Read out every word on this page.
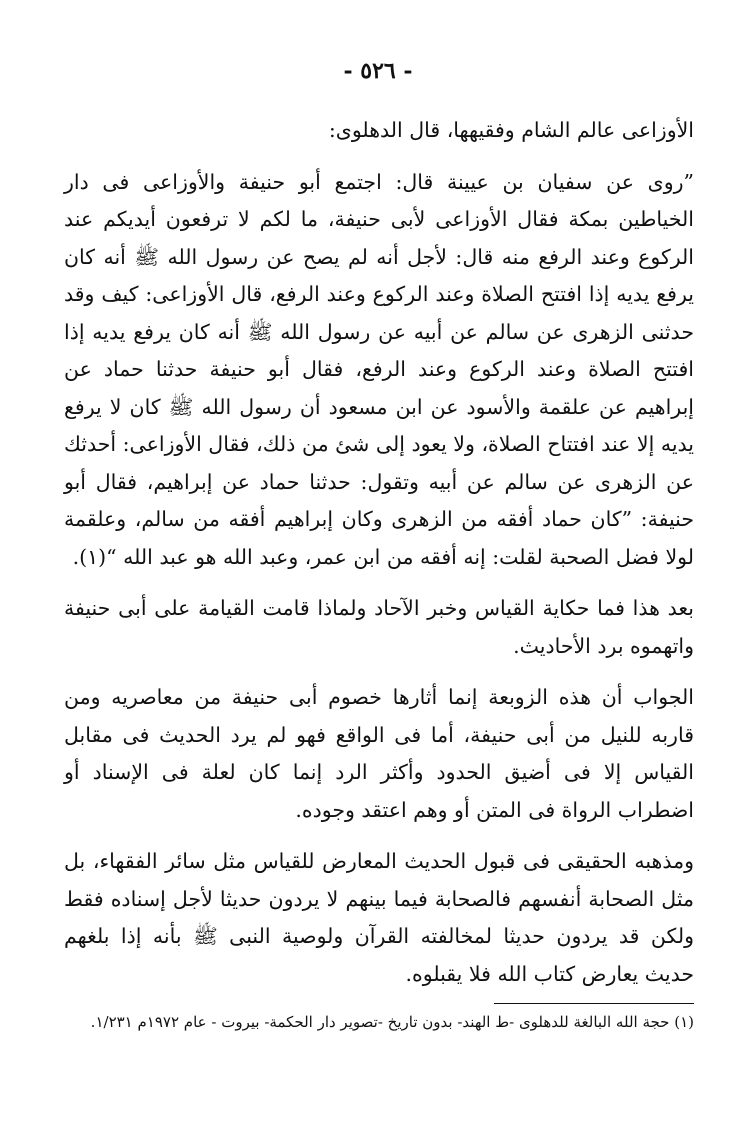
- ٥٢٦ -

الأوزاعى عالم الشام وفقيهها، قال الدهلوى:

”روى عن سفيان بن عيينة قال: اجتمع أبو حنيفة والأوزاعى فى دار الخياطين بمكة فقال الأوزاعى لأبى حنيفة، ما لكم لا ترفعون أيديكم عند الركوع وعند الرفع منه قال: لأجل أنه لم يصح عن رسول الله ﷺ أنه كان يرفع يديه إذا افتتح الصلاة وعند الركوع وعند الرفع، قال الأوزاعى: كيف وقد حدثنى الزهرى عن سالم عن أبيه عن رسول الله ﷺ أنه كان يرفع يديه إذا افتتح الصلاة وعند الركوع وعند الرفع، فقال أبو حنيفة حدثنا حماد عن إبراهيم عن علقمة والأسود عن ابن مسعود أن رسول الله ﷺ كان لا يرفع يديه إلا عند افتتاح الصلاة، ولا يعود إلى شئ من ذلك، فقال الأوزاعى: أحدثك عن الزهرى عن سالم عن أبيه وتقول: حدثنا حماد عن إبراهيم، فقال أبو حنيفة: ”كان حماد أفقه من الزهرى وكان إبراهيم أفقه من سالم، وعلقمة لولا فضل الصحبة لقلت: إنه أفقه من ابن عمر، وعبد الله هو عبد الله “(١).

بعد هذا فما حكاية القياس وخبر الآحاد ولماذا قامت القيامة على أبى حنيفة واتهموه برد الأحاديث.

الجواب أن هذه الزوبعة إنما أثارها خصوم أبى حنيفة من معاصريه ومن قاربه للنيل من أبى حنيفة، أما فى الواقع فهو لم يرد الحديث فى مقابل القياس إلا فى أضيق الحدود وأكثر الرد إنما كان لعلة فى الإسناد أو اضطراب الرواة فى المتن أو وهم اعتقد وجوده.

ومذهبه الحقيقى فى قبول الحديث المعارض للقياس مثل سائر الفقهاء، بل مثل الصحابة أنفسهم فالصحابة فيما بينهم لا يردون حديثا لأجل إسناده فقط ولكن قد يردون حديثا لمخالفته القرآن ولوصية النبى ﷺ بأنه إذا بلغهم حديث يعارض كتاب الله فلا يقبلوه.

(١) حجة الله البالغة للدهلوى -ط الهند- بدون تاريخ -تصوير دار الحكمة- بيروت - عام ١٩٧٢م ١/٢٣١.
